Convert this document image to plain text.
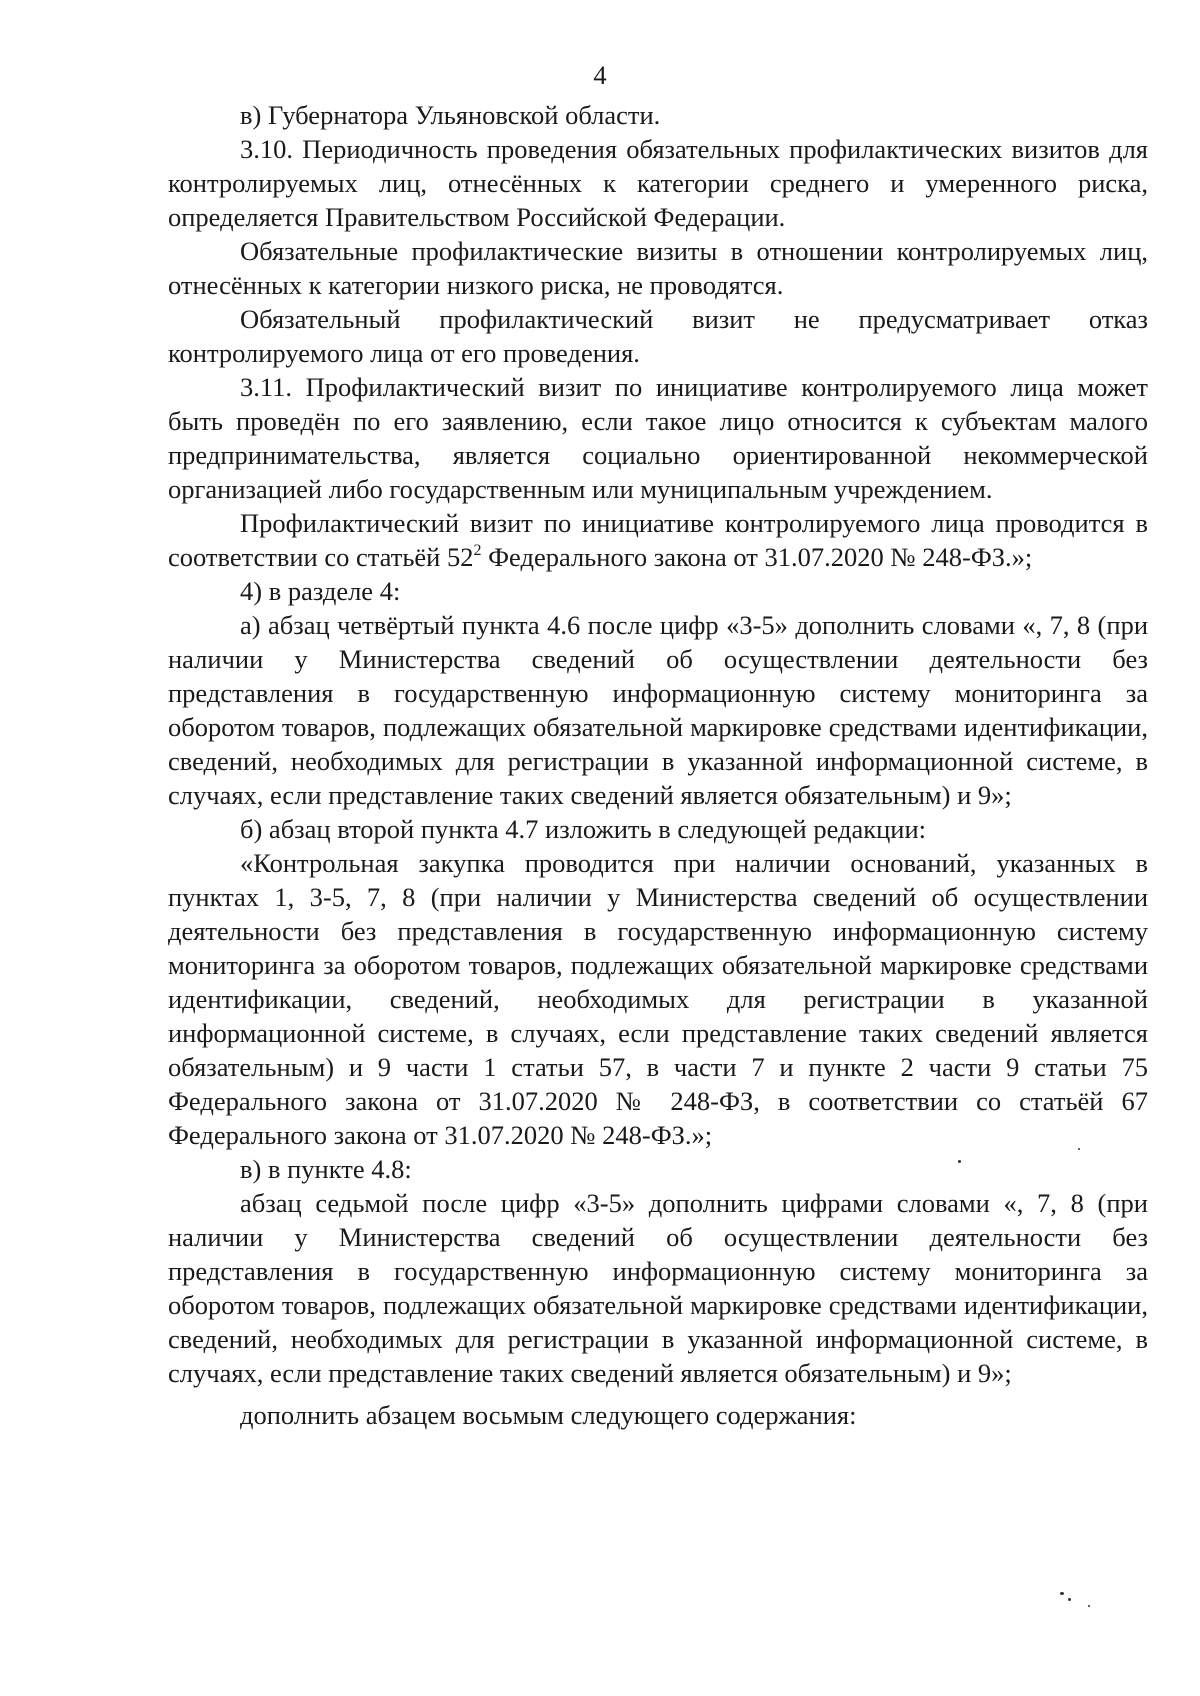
4

в) Губернатора Ульяновской области.

3.10. Периодичность проведения обязательных профилактических визитов для контролируемых лиц, отнесённых к категории среднего и умеренного риска, определяется Правительством Российской Федерации.

Обязательные профилактические визиты в отношении контролируемых лиц, отнесённых к категории низкого риска, не проводятся.

Обязательный профилактический визит не предусматривает отказ контролируемого лица от его проведения.

3.11. Профилактический визит по инициативе контролируемого лица может быть проведён по его заявлению, если такое лицо относится к субъектам малого предпринимательства, является социально ориентированной некоммерческой организацией либо государственным или муниципальным учреждением.

Профилактический визит по инициативе контролируемого лица проводится в соответствии со статьёй $52^2$ Федерального закона от 31.07.2020 № 248-ФЗ.»;

4) в разделе 4:

а) абзац четвёртый пункта 4.6 после цифр «3-5» дополнить словами «, 7, 8 (при наличии у Министерства сведений об осуществлении деятельности без представления в государственную информационную систему мониторинга за оборотом товаров, подлежащих обязательной маркировке средствами идентификации, сведений, необходимых для регистрации в указанной информационной системе, в случаях, если представление таких сведений является обязательным) и 9»;

б) абзац второй пункта 4.7 изложить в следующей редакции:

«Контрольная закупка проводится при наличии оснований, указанных в пунктах 1, 3-5, 7, 8 (при наличии у Министерства сведений об осуществлении деятельности без представления в государственную информационную систему мониторинга за оборотом товаров, подлежащих обязательной маркировке средствами идентификации, сведений, необходимых для регистрации в указанной информационной системе, в случаях, если представление таких сведений является обязательным) и 9 части 1 статьи 57, в части 7 и пункте 2 части 9 статьи 75 Федерального закона от 31.07.2020 № 248-ФЗ, в соответствии со статьёй 67 Федерального закона от 31.07.2020 № 248-ФЗ.»;

в) в пункте 4.8:

абзац седьмой после цифр «3-5» дополнить цифрами словами «, 7, 8 (при наличии у Министерства сведений об осуществлении деятельности без представления в государственную информационную систему мониторинга за оборотом товаров, подлежащих обязательной маркировке средствами идентификации, сведений, необходимых для регистрации в указанной информационной системе, в случаях, если представление таких сведений является обязательным) и 9»;

дополнить абзацем восьмым следующего содержания:
